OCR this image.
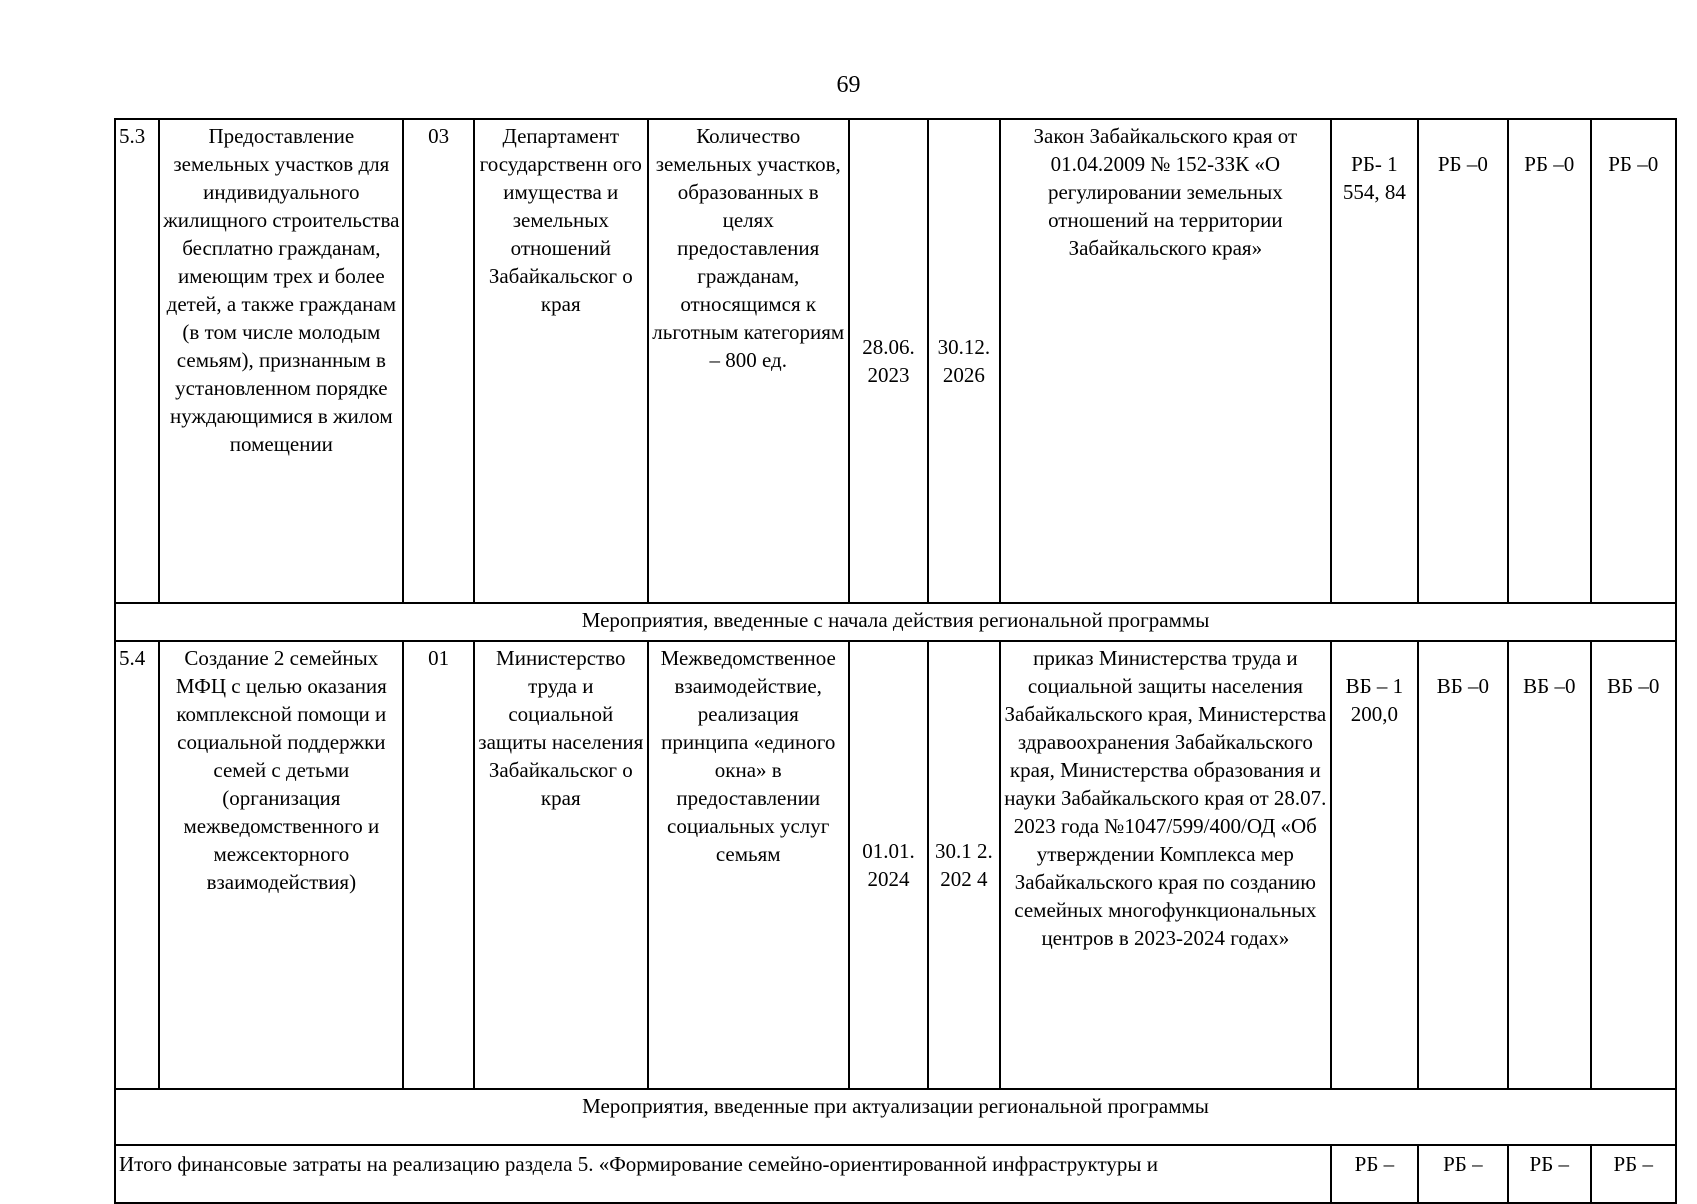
69
5.3	Предоставление земельных участков для индивидуального жилищного строительства бесплатно гражданам, имеющим трех и более детей, а также гражданам (в том числе молодым семьям), признанным в установленном порядке нуждающимися в жилом помещении	03	Департамент государственн ого имущества и земельных отношений Забайкальског о края	Количество земельных участков, образованных в целях предоставления гражданам, относящимся к льготным категориям – 800 ед.	28.06. 2023	30.12. 2026	Закон Забайкальского края от 01.04.2009 № 152-ЗЗК «О регулировании земельных отношений на территории Забайкальского края»	РБ- 1 554, 84	РБ –0	РБ –0	РБ –0
Мероприятия, введенные с начала действия региональной программы											
5.4	Создание 2 семейных МФЦ с целью оказания комплексной помощи и социальной поддержки семей с детьми (организация межведомственного и межсекторного взаимодействия)	01	Министерство труда и социальной защиты населения Забайкальског о края	Межведомственное взаимодействие, реализация принципа «единого окна» в предоставлении социальных услуг семьям	01.01. 2024	30.1 2. 202 4	приказ Министерства труда и социальной защиты населения Забайкальского края, Министерства здравоохранения Забайкальского края, Министерства образования и науки Забайкальского края от 28.07. 2023 года №1047/599/400/ОД «Об утверждении Комплекса мер Забайкальского края по созданию семейных многофункциональных центров в 2023-2024 годах»	ВБ – 1 200,0	ВБ –0	ВБ –0	ВБ –0
Мероприятия, введенные при актуализации региональной программы											

Итого финансовые затраты на реализацию раздела 5. «Формирование семейно-ориентированной инфраструктуры и								РБ –	РБ –	РБ –	РБ –
